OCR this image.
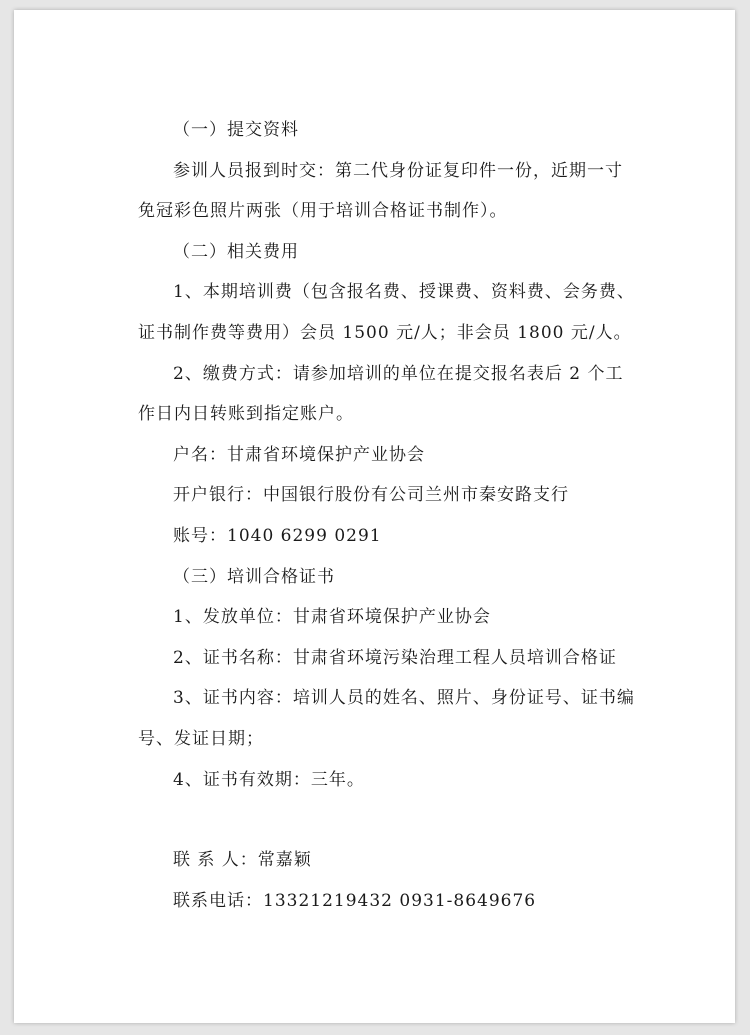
（一）提交资料

参训人员报到时交：第二代身份证复印件一份，近期一寸免冠彩色照片两张（用于培训合格证书制作）。

（二）相关费用

1、本期培训费（包含报名费、授课费、资料费、会务费、证书制作费等费用）会员 1500 元/人；非会员 1800 元/人。

2、缴费方式：请参加培训的单位在提交报名表后 2 个工作日内日转账到指定账户。

户名：甘肃省环境保护产业协会

开户银行：中国银行股份有公司兰州市秦安路支行

账号：1040 6299 0291

（三）培训合格证书

1、发放单位：甘肃省环境保护产业协会

2、证书名称：甘肃省环境污染治理工程人员培训合格证

3、证书内容：培训人员的姓名、照片、身份证号、证书编号、发证日期；

4、证书有效期：三年。

联 系 人：常嘉颖

联系电话：13321219432 0931-8649676
